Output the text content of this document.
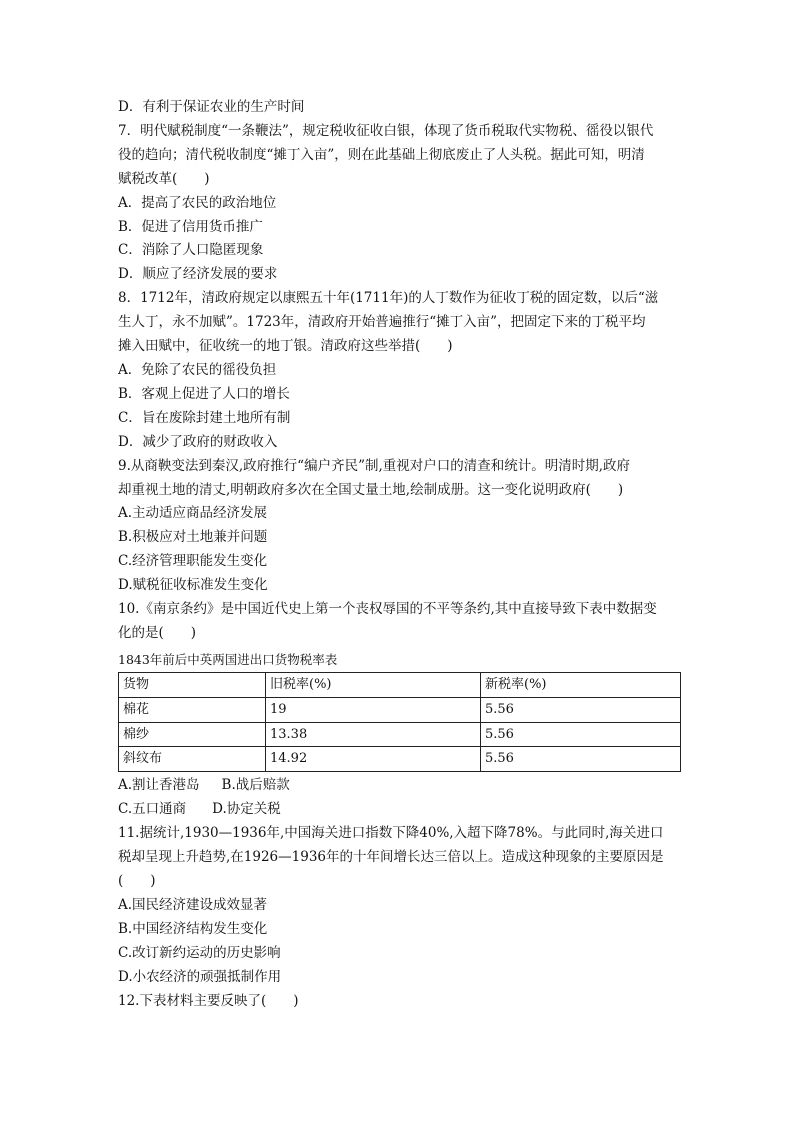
D．有利于保证农业的生产时间
7．明代赋税制度“一条鞭法”，规定税收征收白银，体现了货币税取代实物税、徭役以银代
役的趋向；清代税收制度“摊丁入亩”，则在此基础上彻底废止了人头税。据此可知，明清
赋税改革(　　)
A．提高了农民的政治地位
B．促进了信用货币推广
C．消除了人口隐匿现象
D．顺应了经济发展的要求
8．1712年，清政府规定以康熙五十年(1711年)的人丁数作为征收丁税的固定数，以后“滋
生人丁，永不加赋”。1723年，清政府开始普遍推行“摊丁入亩”，把固定下来的丁税平均
摊入田赋中，征收统一的地丁银。清政府这些举措(　　)
A．免除了农民的徭役负担
B．客观上促进了人口的增长
C．旨在废除封建土地所有制
D．减少了政府的财政收入
9.从商鞅变法到秦汉,政府推行“编户齐民”制,重视对户口的清查和统计。明清时期,政府
却重视土地的清丈,明朝政府多次在全国丈量土地,绘制成册。这一变化说明政府(　　)
A.主动适应商品经济发展
B.积极应对土地兼并问题
C.经济管理职能发生变化
D.赋税征收标准发生变化
10.《南京条约》是中国近代史上第一个丧权辱国的不平等条约,其中直接导致下表中数据变
化的是(　　)
1843年前后中英两国进出口货物税率表
货物	旧税率(%)	新税率(%)
棉花	19	5.56
棉纱	13.38	5.56
斜纹布	14.92	5.56
A.割让香港岛 B.战后赔款
C.五口通商 D.协定关税
11.据统计,1930—1936年,中国海关进口指数下降40%,入超下降78%。与此同时,海关进口
税却呈现上升趋势,在1926—1936年的十年间增长达三倍以上。造成这种现象的主要原因是
(　　)
A.国民经济建设成效显著
B.中国经济结构发生变化
C.改订新约运动的历史影响
D.小农经济的顽强抵制作用
12.下表材料主要反映了(　　)
